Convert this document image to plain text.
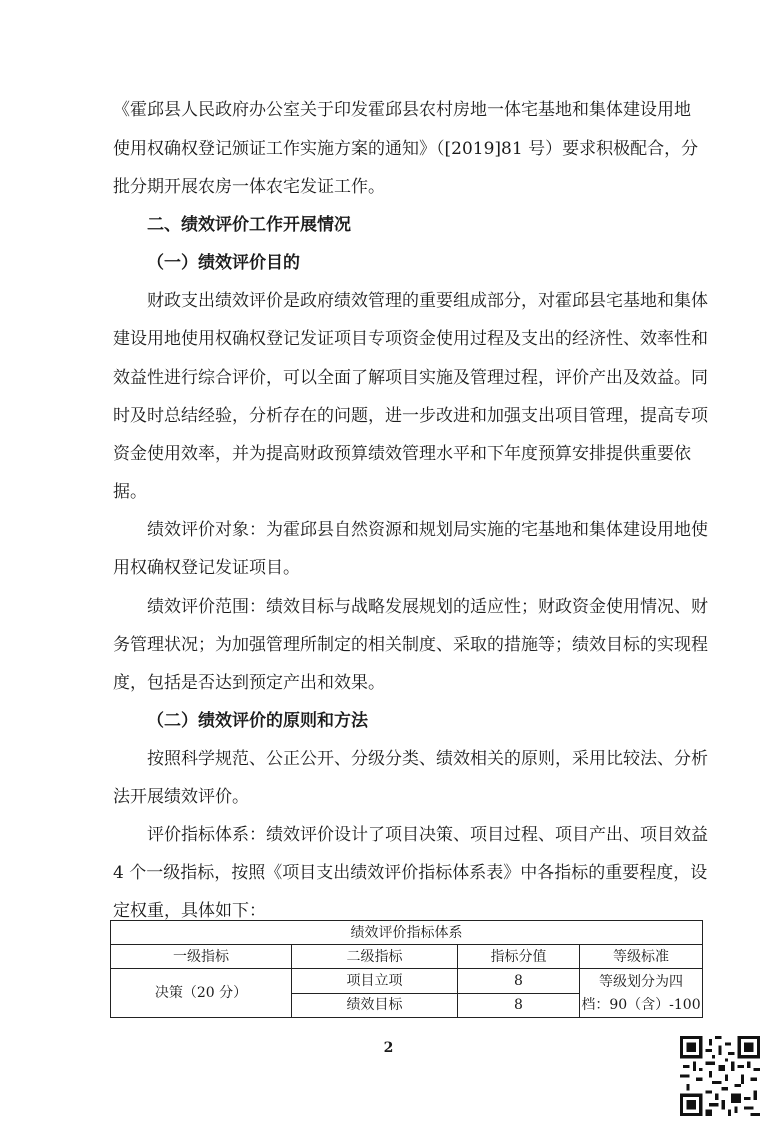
《霍邱县人民政府办公室关于印发霍邱县农村房地一体宅基地和集体建设用地
使用权确权登记颁证工作实施方案的通知》（[2019]81 号）要求积极配合，分
批分期开展农房一体农宅发证工作。
二、绩效评价工作开展情况
（一）绩效评价目的
财政支出绩效评价是政府绩效管理的重要组成部分，对霍邱县宅基地和集体
建设用地使用权确权登记发证项目专项资金使用过程及支出的经济性、效率性和
效益性进行综合评价，可以全面了解项目实施及管理过程，评价产出及效益。同
时及时总结经验，分析存在的问题，进一步改进和加强支出项目管理，提高专项
资金使用效率，并为提高财政预算绩效管理水平和下年度预算安排提供重要依
据。
绩效评价对象：为霍邱县自然资源和规划局实施的宅基地和集体建设用地使
用权确权登记发证项目。
绩效评价范围：绩效目标与战略发展规划的适应性；财政资金使用情况、财
务管理状况；为加强管理所制定的相关制度、采取的措施等；绩效目标的实现程
度，包括是否达到预定产出和效果。
（二）绩效评价的原则和方法
按照科学规范、公正公开、分级分类、绩效相关的原则，采用比较法、分析
法开展绩效评价。
评价指标体系：绩效评价设计了项目决策、项目过程、项目产出、项目效益
4 个一级指标，按照《项目支出绩效评价指标体系表》中各指标的重要程度，设
定权重，具体如下：
绩效评价指标体系			
一级指标	二级指标	指标分值	等级标准
决策（20 分）	项目立项	8	等级划分为四
档：90（含）-100

	绩效目标	8	
2
